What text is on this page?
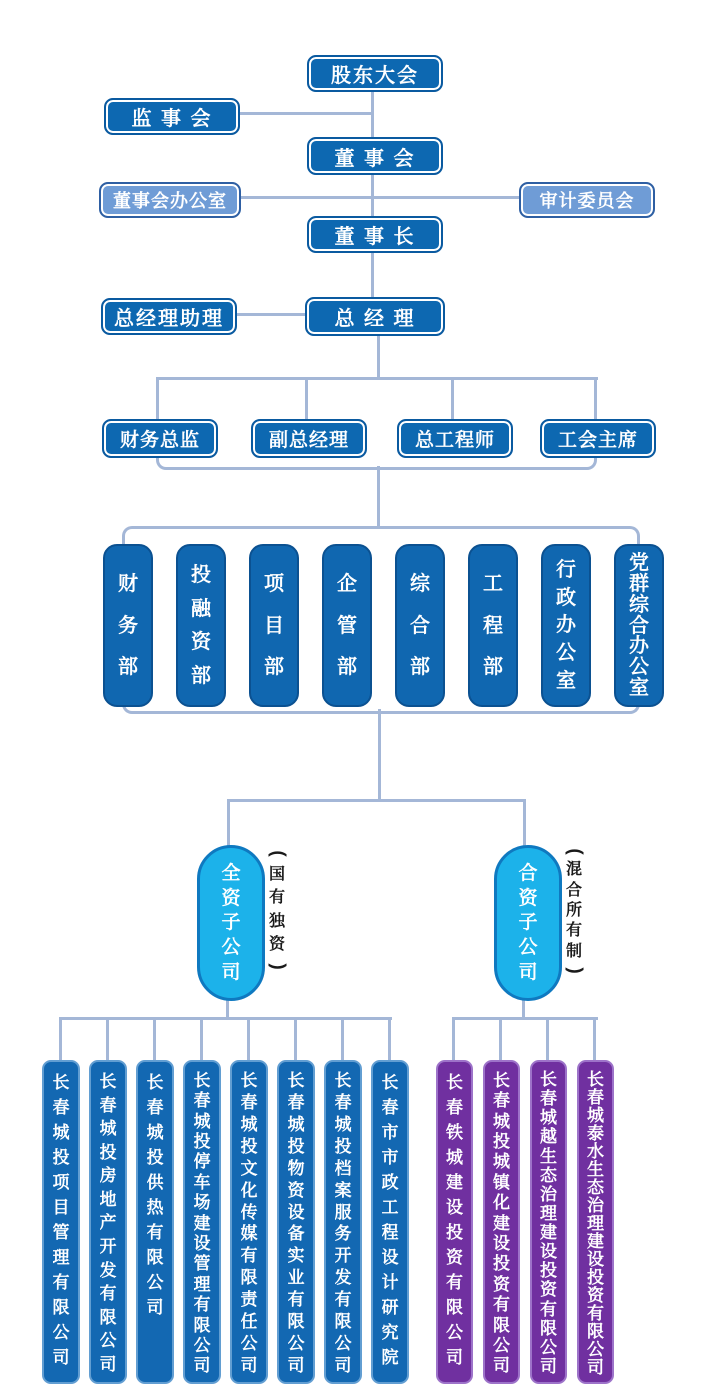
股东大会
监 事 会
董 事 会
董事会办公室	审计委员会
董 事 长
总经理助理	总 经 理
财务总监	副总经理	总工程师	工会主席
财
务
部
投
融
资
部
项
目
部
企
管
部
综
合
部
工
程
部
行
政
办
公
室
党
群
综
合
办
公
室
全
资
子
公
司
(
国
有
独
资
)
合
资
子
公
司
(
混
合
所
有
制
)
长
春
城
投
项
目
管
理
有
限
公
司
长
春
城
投
房
地
产
开
发
有
限
公
司
长
春
城
投
供
热
有
限
公
司
长
春
城
投
停
车
场
建
设
管
理
有
限
公
司
长
春
城
投
文
化
传
媒
有
限
责
任
公
司
长
春
城
投
物
资
设
备
实
业
有
限
公
司
长
春
城
投
档
案
服
务
开
发
有
限
公
司
长
春
市
市
政
工
程
设
计
研
究
院
长
春
铁
城
建
设
投
资
有
限
公
司
长
春
城
投
城
镇
化
建
设
投
资
有
限
公
司
长
春
城
越
生
态
治
理
建
设
投
资
有
限
公
司
长
春
城
泰
水
生
态
治
理
建
设
投
资
有
限
公
司
